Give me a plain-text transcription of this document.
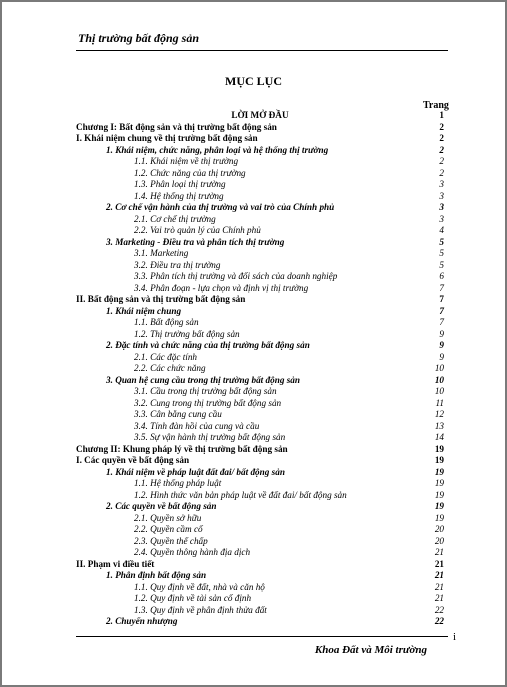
Thị trường bất động sản
MỤC LỤC
Trang
LỜI MỞ ĐẦU	1
Chương I: Bất động sản và thị trường bất động sản	2
I. Khái niệm chung về thị trường bất động sản	2
1. Khái niệm, chức năng, phân loại và hệ thống thị trường	2
1.1. Khái niệm về thị trường	2
1.2. Chức năng của thị trường	2
1.3. Phân loại thị trường	3
1.4. Hệ thống thị trường	3
2. Cơ chế vận hành của thị trường và vai trò của Chính phủ	3
2.1. Cơ chế thị trường	3
2.2. Vai trò quản lý của Chính phủ	4
3. Marketing - Điều tra và phân tích thị trường	5
3.1. Marketing	5
3.2. Điều tra thị trường	5
3.3. Phân tích thị trường và đối sách của doanh nghiệp	6
3.4. Phân đoạn - lựa chọn và định vị thị trường	7
II. Bất động sản và thị trường bất động sản	7
1. Khái niệm chung	7
1.1. Bất động sản	7
1.2. Thị trường bất động sản	9
2. Đặc tính và chức năng của thị trường bất động sản	9
2.1. Các đặc tính	9
2.2. Các chức năng	10
3. Quan hệ cung cầu trong thị trường bất động sản	10
3.1. Cầu trong thị trường bất động sản	10
3.2. Cung trong thị trường bất động sản	11
3.3. Cân bằng cung cầu	12
3.4. Tính đàn hồi của cung và cầu	13
3.5. Sự vận hành thị trường bất động sản	14
Chương II: Khung pháp lý về thị trường bất động sản	19
I. Các quyền về bất động sản	19
1. Khái niệm về pháp luật đất đai/ bất động sản	19
1.1. Hệ thống pháp luật	19
1.2. Hình thức văn bản pháp luật về đất đai/ bất động sản	19
2. Các quyền về bất động sản	19
2.1. Quyền sở hữu	19
2.2. Quyền cầm cố	20
2.3. Quyền thế chấp	20
2.4. Quyền thông hành địa dịch	21
II. Phạm vi điều tiết	21
1. Phân định bất động sản	21
1.1. Quy định về đất, nhà và căn hộ	21
1.2. Quy định về tài sản cố định	21
1.3. Quy định về phân định thửa đất	22
2. Chuyển nhượng	22
i
Khoa Đất và Môi trường
